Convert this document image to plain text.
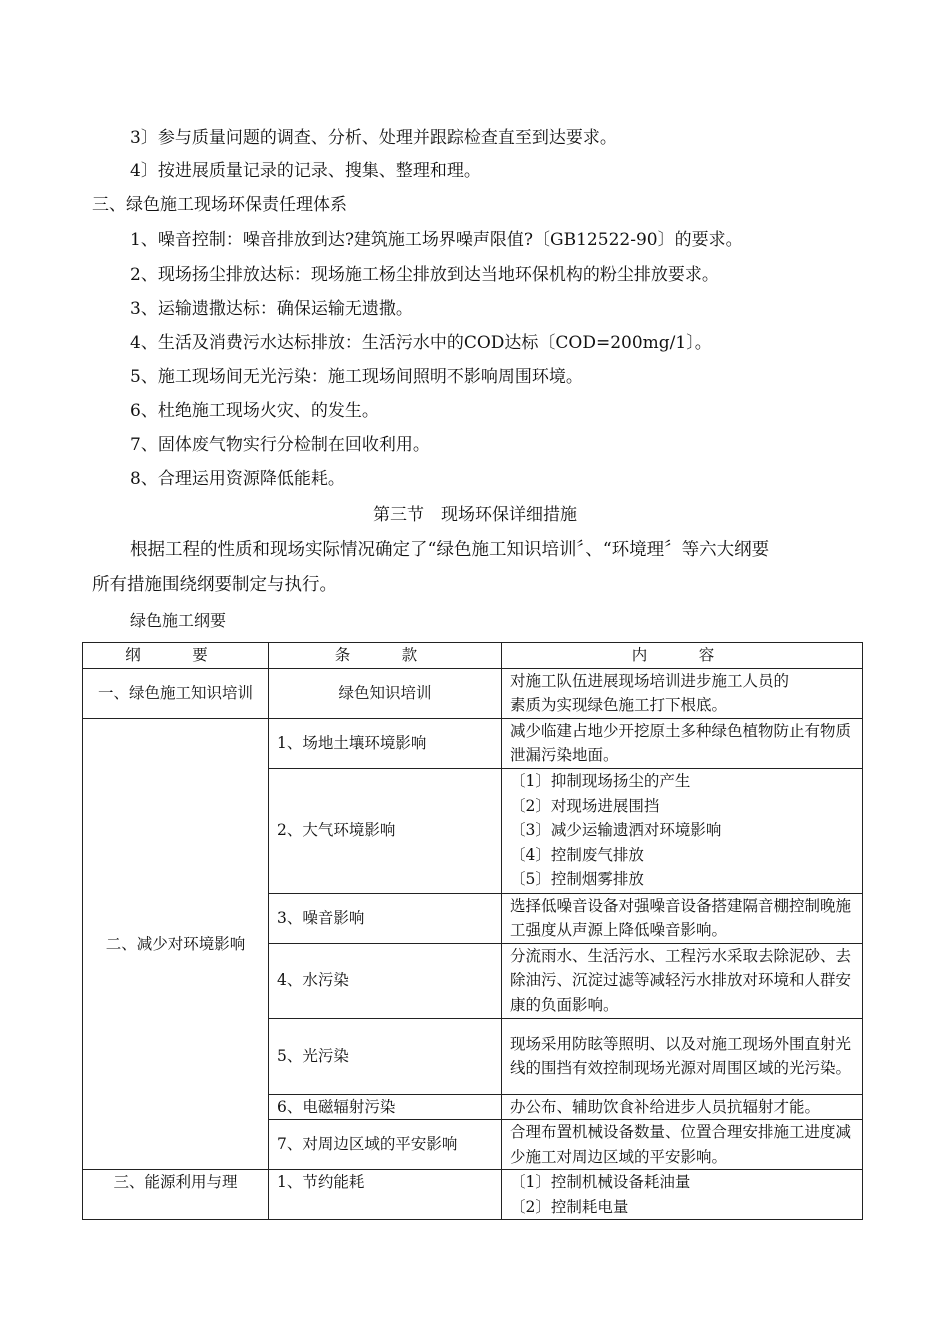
3〕参与质量问题的调查、分析、处理并跟踪检查直至到达要求。
4〕按进展质量记录的记录、搜集、整理和理。
三、绿色施工现场环保责任理体系
1、噪音控制：噪音排放到达?建筑施工场界噪声限值?〔GB12522-90〕的要求。
2、现场扬尘排放达标：现场施工杨尘排放到达当地环保机构的粉尘排放要求。
3、运输遗撒达标：确保运输无遗撒。
4、生活及消费污水达标排放：生活污水中的COD达标〔COD=200mg/1〕。
5、施工现场间无光污染：施工现场间照明不影响周围环境。
6、杜绝施工现场火灾、的发生。
7、固体废气物实行分检制在回收利用。
8、合理运用资源降低能耗。
第三节　现场环保详细措施
根据工程的性质和现场实际情况确定了“绿色施工知识培训〞、“环境理〞等六大纲要
所有措施围绕纲要制定与执行。
绿色施工纲要
纲　要	条　款	内　容
一、绿色施工知识培训	绿色知识培训	对施工队伍进展现场培训进步施工人员的
素质为实现绿色施工打下根底。

二、减少对环境影响	1、场地土壤环境影响	减少临建占地少开挖原土多种绿色植物防止有物质泄漏污染地面。
	2、大气环境影响	〔1〕抑制现场扬尘的产生
〔2〕对现场进展围挡
〔3〕减少运输遗洒对环境影响
〔4〕控制废气排放
〔5〕控制烟雾排放

	3、噪音影响	选择低噪音设备对强噪音设备搭建隔音棚控制晚施工强度从声源上降低噪音影响。
	4、水污染	分流雨水、生活污水、工程污水采取去除泥砂、去除油污、沉淀过滤等减轻污水排放对环境和人群安康的负面影响。
	5、光污染	现场采用防眩等照明、以及对施工现场外围直射光线的围挡有效控制现场光源对周围区域的光污染。
	6、电磁辐射污染	办公布、辅助饮食补给进步人员抗辐射才能。
	7、对周边区域的平安影响	合理布置机械设备数量、位置合理安排施工进度减少施工对周边区域的平安影响。
三、能源利用与理	1、节约能耗	〔1〕控制机械设备耗油量
〔2〕控制耗电量
